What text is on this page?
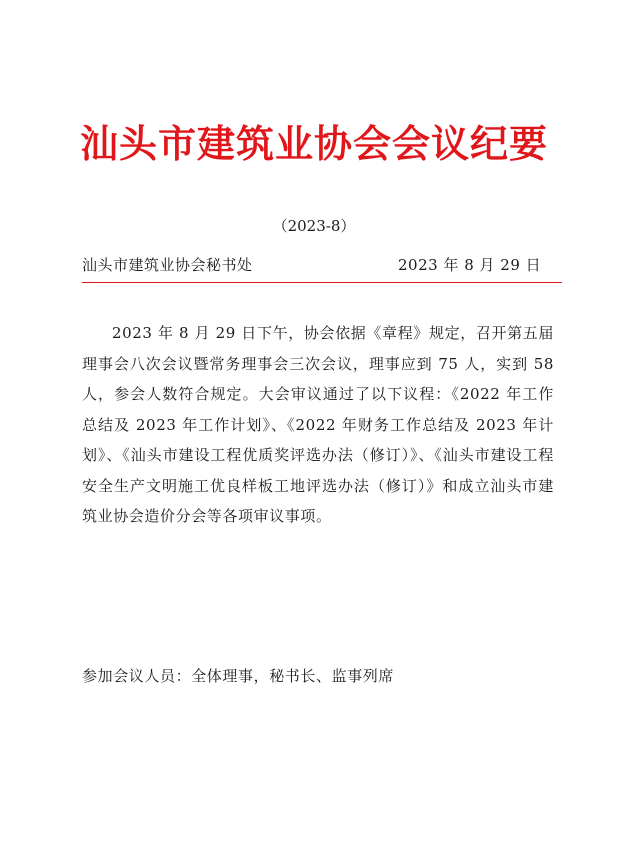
汕头市建筑业协会会议纪要
（2023-8）
汕头市建筑业协会秘书处	2023 年 8 月 29 日
2023 年 8 月 29 日下午，协会依据《章程》规定，召开第五届理事会八次会议暨常务理事会三次会议，理事应到 75 人，实到 58 人，参会人数符合规定。大会审议通过了以下议程：《2022 年工作总结及 2023 年工作计划》、《2022 年财务工作总结及 2023 年计划》、《汕头市建设工程优质奖评选办法（修订）》、《汕头市建设工程安全生产文明施工优良样板工地评选办法（修订）》和成立汕头市建筑业协会造价分会等各项审议事项。
参加会议人员：全体理事，秘书长、监事列席
